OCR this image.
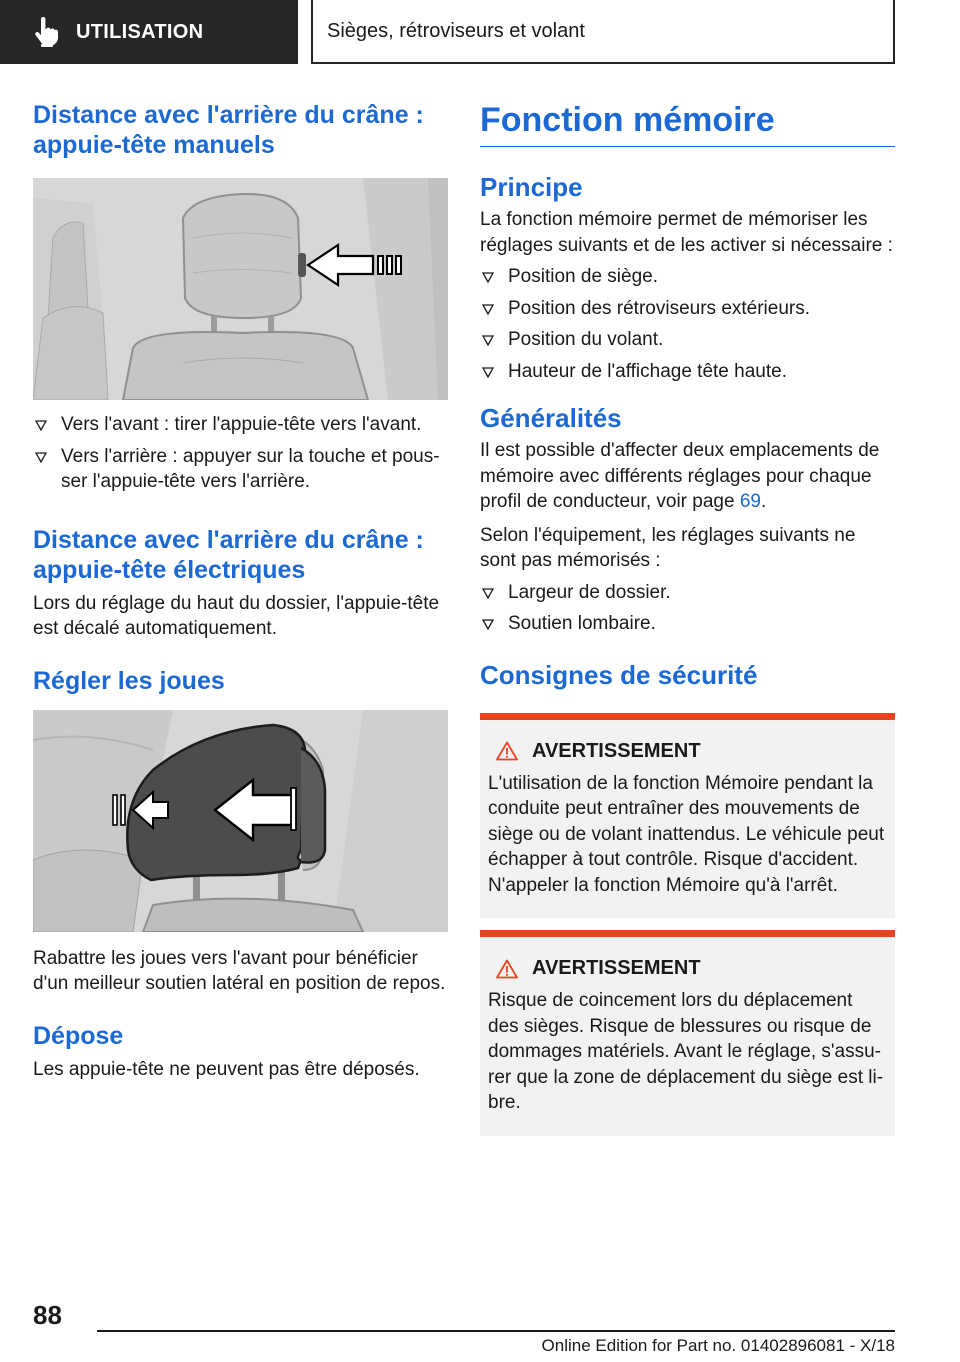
UTILISATION	Sièges, rétroviseurs et volant
Distance avec l'arrière du crâne : appuie-tête manuels
Vers l'avant : tirer l'appuie-tête vers l'avant.
Vers l'arrière : appuyer sur la touche et pous-ser l'appuie-tête vers l'arrière.
Distance avec l'arrière du crâne : appuie-tête électriques

Lors du réglage du haut du dossier, l'appuie-tête est décalé automatiquement.

Régler les joues

Rabattre les joues vers l'avant pour bénéficier d'un meilleur soutien latéral en position de repos.

Dépose

Les appuie-tête ne peuvent pas être déposés.

Fonction mémoire
Principe

La fonction mémoire permet de mémoriser les réglages suivants et de les activer si nécessaire :

Position de siège.
Position des rétroviseurs extérieurs.
Position du volant.
Hauteur de l'affichage tête haute.
Généralités

Il est possible d'affecter deux emplacements de mémoire avec différents réglages pour chaque profil de conducteur, voir page 69.

Selon l'équipement, les réglages suivants ne sont pas mémorisés :

Largeur de dossier.
Soutien lombaire.
Consignes de sécurité
AVERTISSEMENT

L'utilisation de la fonction Mémoire pendant la conduite peut entraîner des mouvements de siège ou de volant inattendus. Le véhicule peut échapper à tout contrôle. Risque d'accident. N'appeler la fonction Mémoire qu'à l'arrêt.

AVERTISSEMENT

Risque de coincement lors du déplacement des sièges. Risque de blessures ou risque de dommages matériels. Avant le réglage, s'assu-rer que la zone de déplacement du siège est li-bre.

88
Online Edition for Part no. 01402896081 - X/18
